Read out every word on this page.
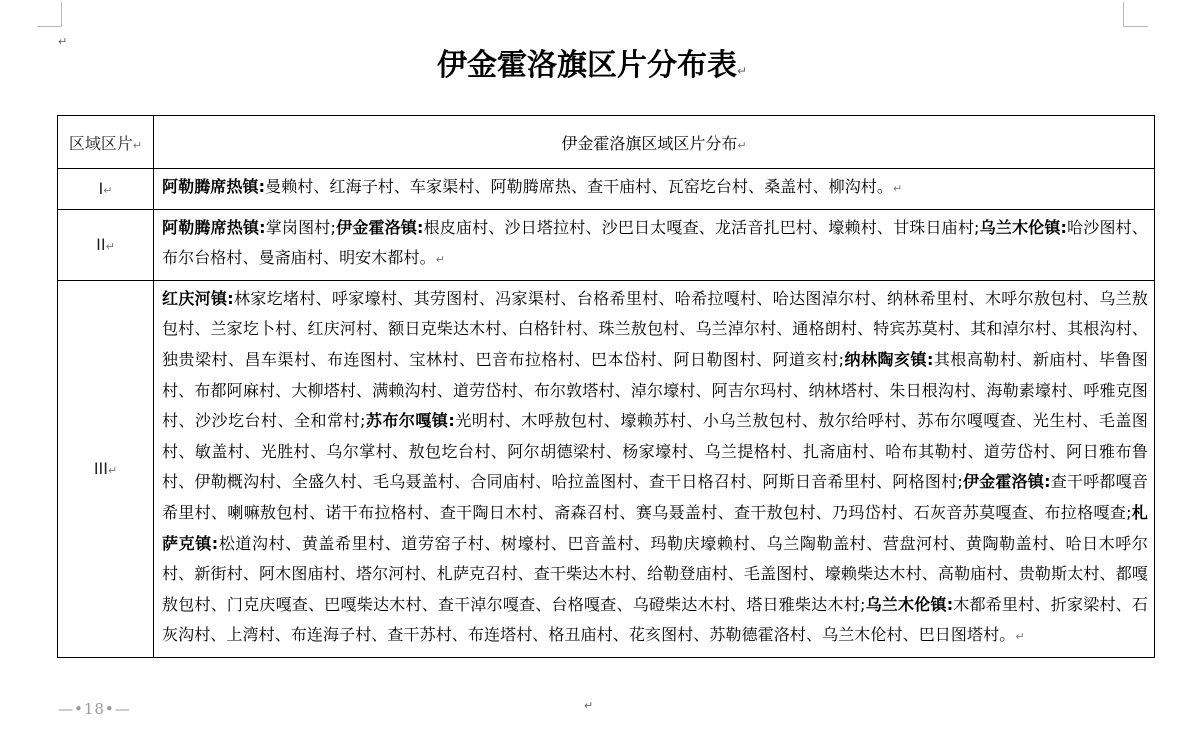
↵
伊金霍洛旗区片分布表↵
区域区片↵	伊金霍洛旗区域区片分布↵
I↵	阿勒腾席热镇:曼赖村、红海子村、车家渠村、阿勒腾席热、查干庙村、瓦窑圪台村、桑盖村、柳沟村。↵

II↵	阿勒腾席热镇:掌岗图村;伊金霍洛镇:根皮庙村、沙日塔拉村、沙巴日太嘎查、龙活音扎巴村、壕赖村、甘珠日庙村;乌兰木伦镇:哈沙图村、布尔台格村、曼斋庙村、明安木都村。↵

III↵	红庆河镇:林家圪堵村、呼家壕村、其劳图村、冯家渠村、台格希里村、哈希拉嘎村、哈达图淖尔村、纳林希里村、木呼尔敖包村、乌兰敖包村、兰家圪卜村、红庆河村、额日克柴达木村、白格针村、珠兰敖包村、乌兰淖尔村、通格朗村、特宾苏莫村、其和淖尔村、其根沟村、独贵梁村、昌车渠村、布连图村、宝林村、巴音布拉格村、巴本岱村、阿日勒图村、阿道亥村;纳林陶亥镇:其根高勒村、新庙村、毕鲁图村、布都阿麻村、大柳塔村、满赖沟村、道劳岱村、布尔敦塔村、淖尔壕村、阿吉尔玛村、纳林塔村、朱日根沟村、海勒素壕村、呼雅克图村、沙沙圪台村、全和常村;苏布尔嘎镇:光明村、木呼敖包村、壕赖苏村、小乌兰敖包村、敖尔给呼村、苏布尔嘎嘎查、光生村、毛盖图村、敏盖村、光胜村、乌尔掌村、敖包圪台村、阿尔胡德梁村、杨家壕村、乌兰提格村、扎斋庙村、哈布其勒村、道劳岱村、阿日雅布鲁村、伊勒概沟村、全盛久村、毛乌聂盖村、合同庙村、哈拉盖图村、查干日格召村、阿斯日音希里村、阿格图村;伊金霍洛镇:查干呼都嘎音希里村、喇嘛敖包村、诺干布拉格村、查干陶日木村、斋森召村、赛乌聂盖村、查干敖包村、乃玛岱村、石灰音苏莫嘎查、布拉格嘎查;札萨克镇:松道沟村、黄盖希里村、道劳窑子村、树壕村、巴音盖村、玛勒庆壕赖村、乌兰陶勒盖村、营盘河村、黄陶勒盖村、哈日木呼尔村、新街村、阿木图庙村、塔尔河村、札萨克召村、查干柴达木村、给勒登庙村、毛盖图村、壕赖柴达木村、高勒庙村、贵勒斯太村、都嘎敖包村、门克庆嘎查、巴嘎柴达木村、查干淖尔嘎查、台格嘎查、乌磴柴达木村、塔日雅柴达木村;乌兰木伦镇:木都希里村、折家梁村、石灰沟村、上湾村、布连海子村、查干苏村、布连塔村、格丑庙村、花亥图村、苏勒德霍洛村、乌兰木伦村、巴日图塔村。↵
—•18•—	↵
